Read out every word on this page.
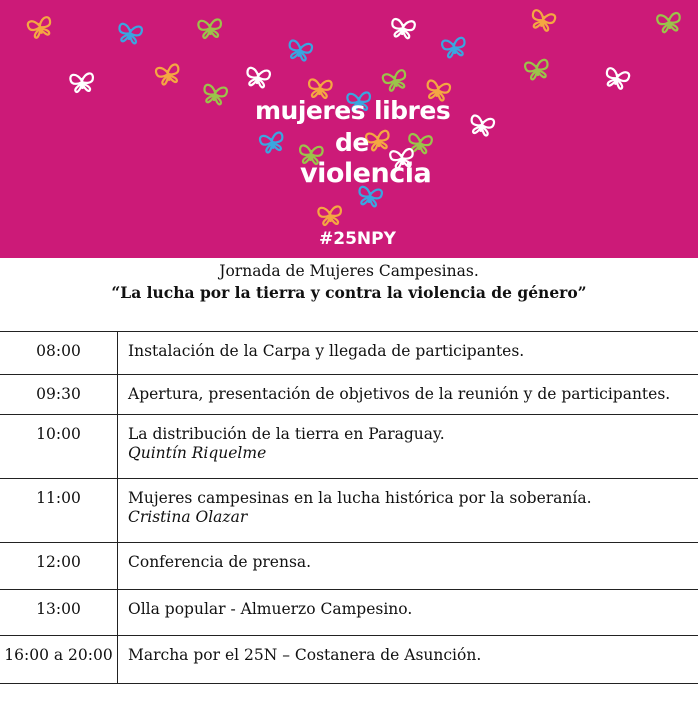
mujeres libres
de
violencia
#25NPY
Jornada de Mujeres Campesinas.
“La lucha por la tierra y contra la violencia de género”
08:00	Instalación de la Carpa y llegada de participantes.
09:30	Apertura, presentación de objetivos de la reunión y de participantes.
10:00	La distribución de la tierra en Paraguay.
Quintín Riquelme

11:00	Mujeres campesinas en la lucha histórica por la soberanía.
Cristina Olazar

12:00	Conferencia de prensa.
13:00	Olla popular - Almuerzo Campesino.
16:00 a 20:00	Marcha por el 25N – Costanera de Asunción.
